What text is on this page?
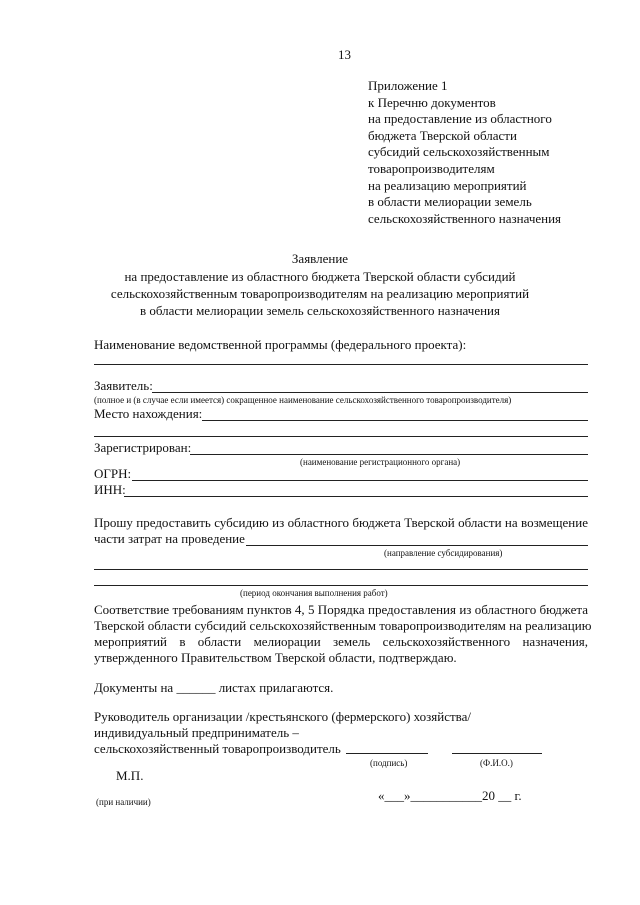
13
Приложение 1
к Перечню документов
на предоставление из областного
бюджета Тверской области
субсидий сельскохозяйственным
товаропроизводителям
на реализацию мероприятий
в области мелиорации земель
сельскохозяйственного назначения
Заявление
на предоставление из областного бюджета Тверской области субсидий
сельскохозяйственным товаропроизводителям на реализацию мероприятий
в области мелиорации земель сельскохозяйственного назначения
Наименование ведомственной программы (федерального проекта):
Заявитель:
(полное и (в случае если имеется) сокращенное наименование сельскохозяйственного товаропроизводителя)
Место нахождения:
Зарегистрирован:
(наименование регистрационного органа)
ОГРН:
ИНН:
Прошу предоставить субсидию из областного бюджета Тверской области на возмещение
части затрат на проведение
(направление субсидирования)
(период окончания выполнения работ)
Соответствие требованиям пунктов 4, 5 Порядка предоставления из областного бюджета
Тверской области субсидий сельскохозяйственным товаропроизводителям на реализацию
мероприятий в области мелиорации земель сельскохозяйственного назначения,
утвержденного Правительством Тверской области, подтверждаю.
Документы на ______ листах прилагаются.
Руководитель организации /крестьянского (фермерского) хозяйства/
индивидуальный предприниматель –
сельскохозяйственный товаропроизводитель
(подпись)	(Ф.И.О.)
М.П.
«___»___________20 __ г.
(при наличии)
